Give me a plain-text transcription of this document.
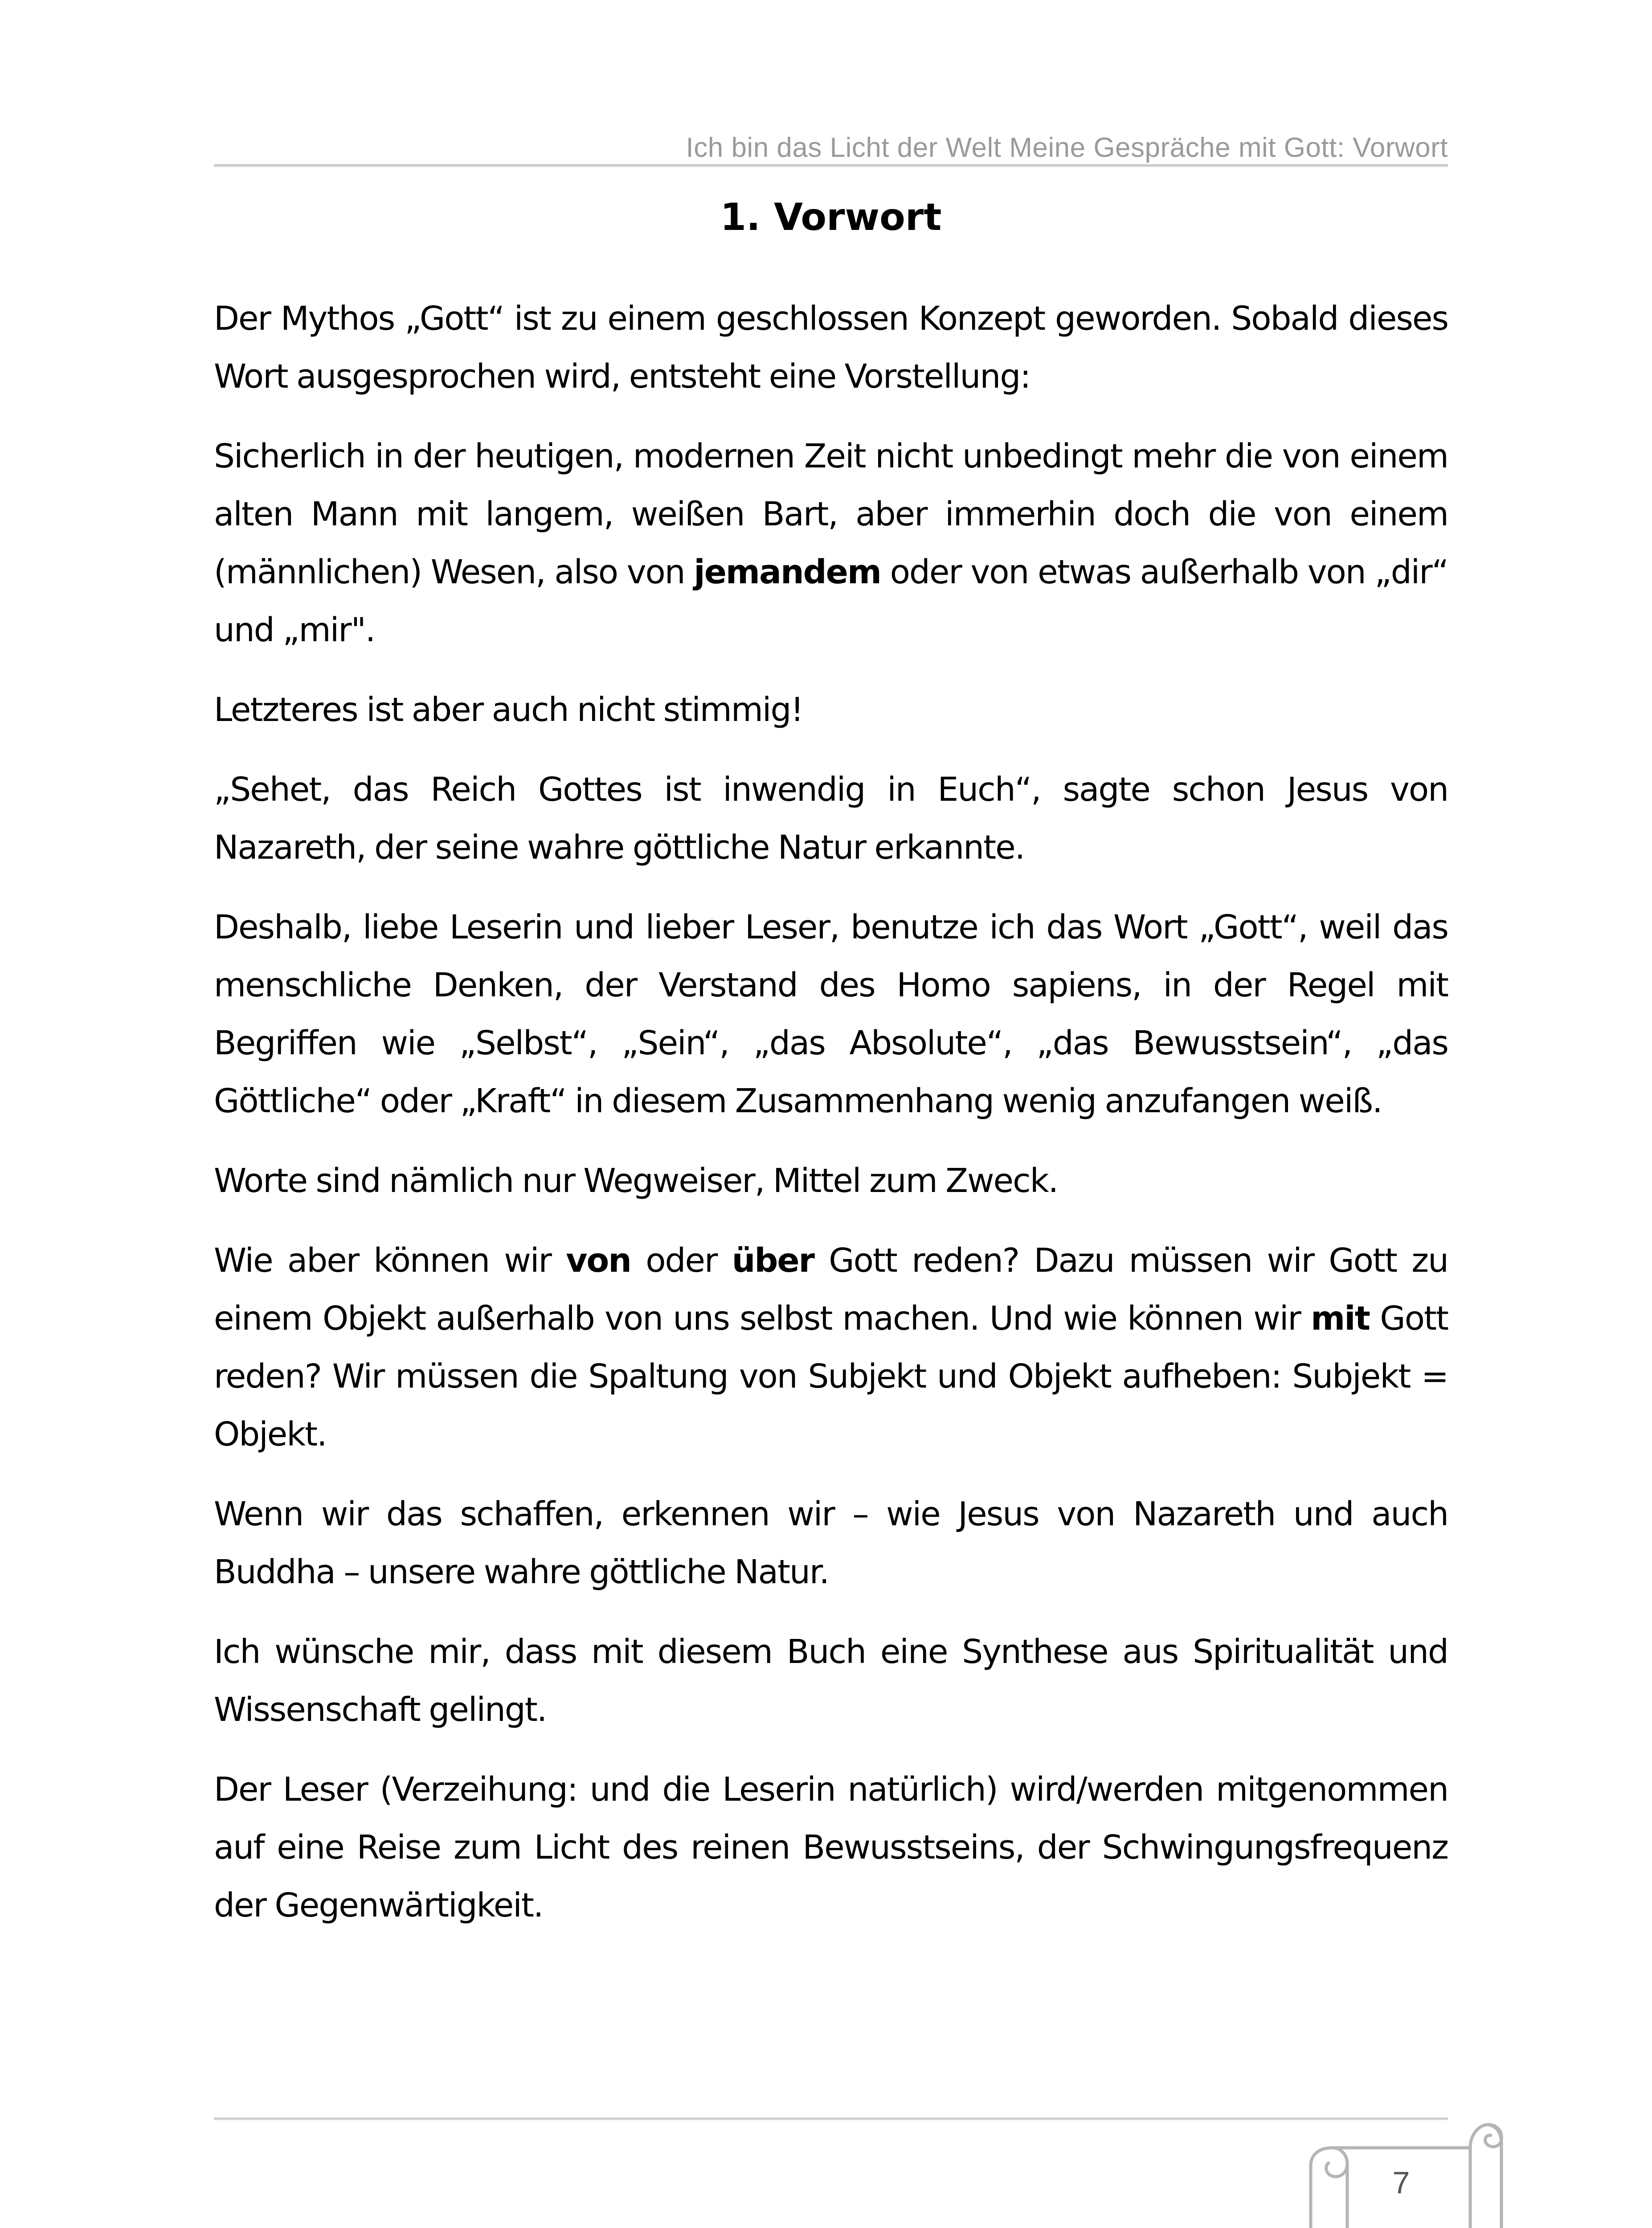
Ich bin das Licht der Welt Meine Gespräche mit Gott: Vorwort
1. Vorwort

Der Mythos „Gott“ ist zu einem geschlossen Konzept geworden. Sobald dieses Wort ausgesprochen wird, entsteht eine Vorstellung:

Sicherlich in der heutigen, modernen Zeit nicht unbedingt mehr die von einem alten Mann mit langem, weißen Bart, aber immerhin doch die von einem (männlichen) Wesen, also von jemandem oder von etwas außerhalb von „dir“ und „mir".

Letzteres ist aber auch nicht stimmig!

„Sehet, das Reich Gottes ist inwendig in Euch“, sagte schon Jesus von Nazareth, der seine wahre göttliche Natur erkannte.

Deshalb, liebe Leserin und lieber Leser, benutze ich das Wort „Gott“, weil das menschliche Denken, der Verstand des Homo sapiens, in der Regel mit Begriffen wie „Selbst“, „Sein“, „das Absolute“, „das Bewusstsein“, „das Göttliche“ oder „Kraft“ in diesem Zusammenhang wenig anzufangen weiß.

Worte sind nämlich nur Wegweiser, Mittel zum Zweck.

Wie aber können wir von oder über Gott reden? Dazu müssen wir Gott zu einem Objekt außerhalb von uns selbst machen. Und wie können wir mit Gott reden? Wir müssen die Spaltung von Subjekt und Objekt aufheben: Subjekt = Objekt.

Wenn wir das schaffen, erkennen wir – wie Jesus von Nazareth und auch Buddha – unsere wahre göttliche Natur.

Ich wünsche mir, dass mit diesem Buch eine Synthese aus Spiritualität und Wissenschaft gelingt.

Der Leser (Verzeihung: und die Leserin natürlich) wird/werden mitgenommen auf eine Reise zum Licht des reinen Bewusstseins, der Schwingungsfrequenz der Gegenwärtigkeit.

7
